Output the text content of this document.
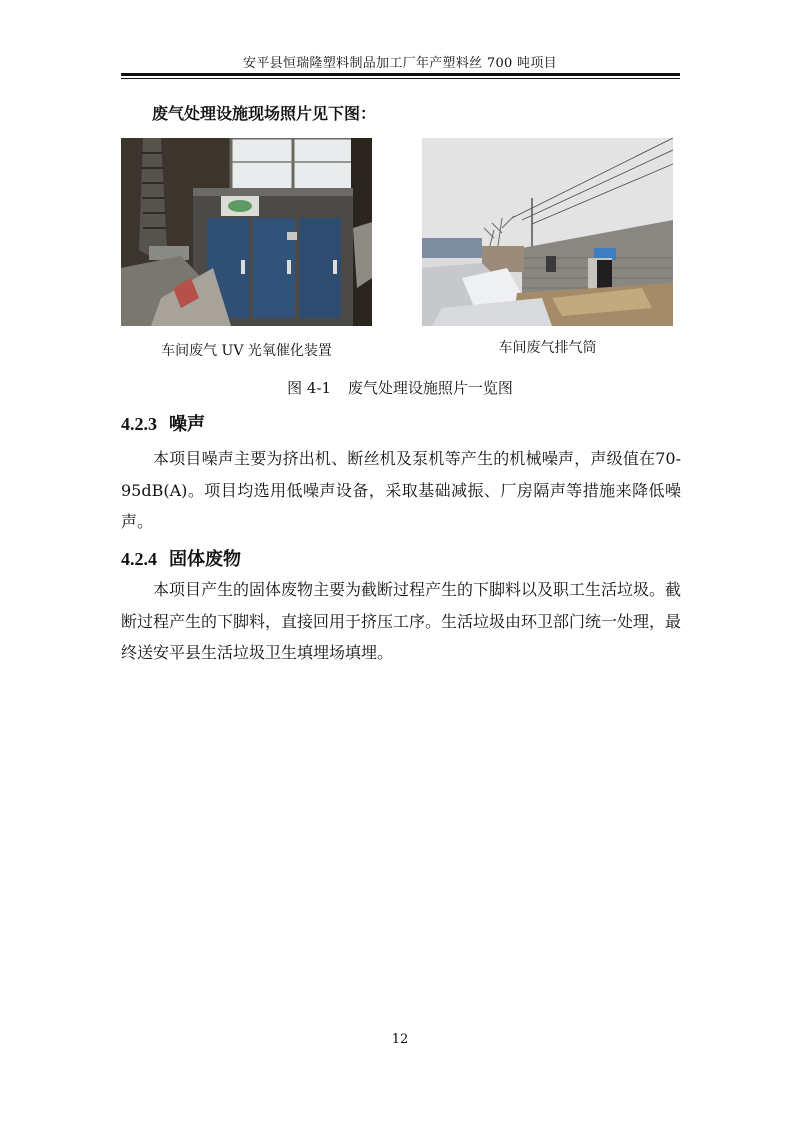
安平县恒瑞隆塑料制品加工厂年产塑料丝 700 吨项目
废气处理设施现场照片见下图：
车间废气 UV 光氧催化装置	车间废气排气筒
图 4-1 废气处理设施照片一览图
4.2.3 噪声
本项目噪声主要为挤出机、断丝机及泵机等产生的机械噪声，声级值在70-95dB(A)。项目均选用低噪声设备，采取基础减振、厂房隔声等措施来降低噪声。
4.2.4 固体废物
本项目产生的固体废物主要为截断过程产生的下脚料以及职工生活垃圾。截断过程产生的下脚料，直接回用于挤压工序。生活垃圾由环卫部门统一处理，最终送安平县生活垃圾卫生填埋场填埋。
12
